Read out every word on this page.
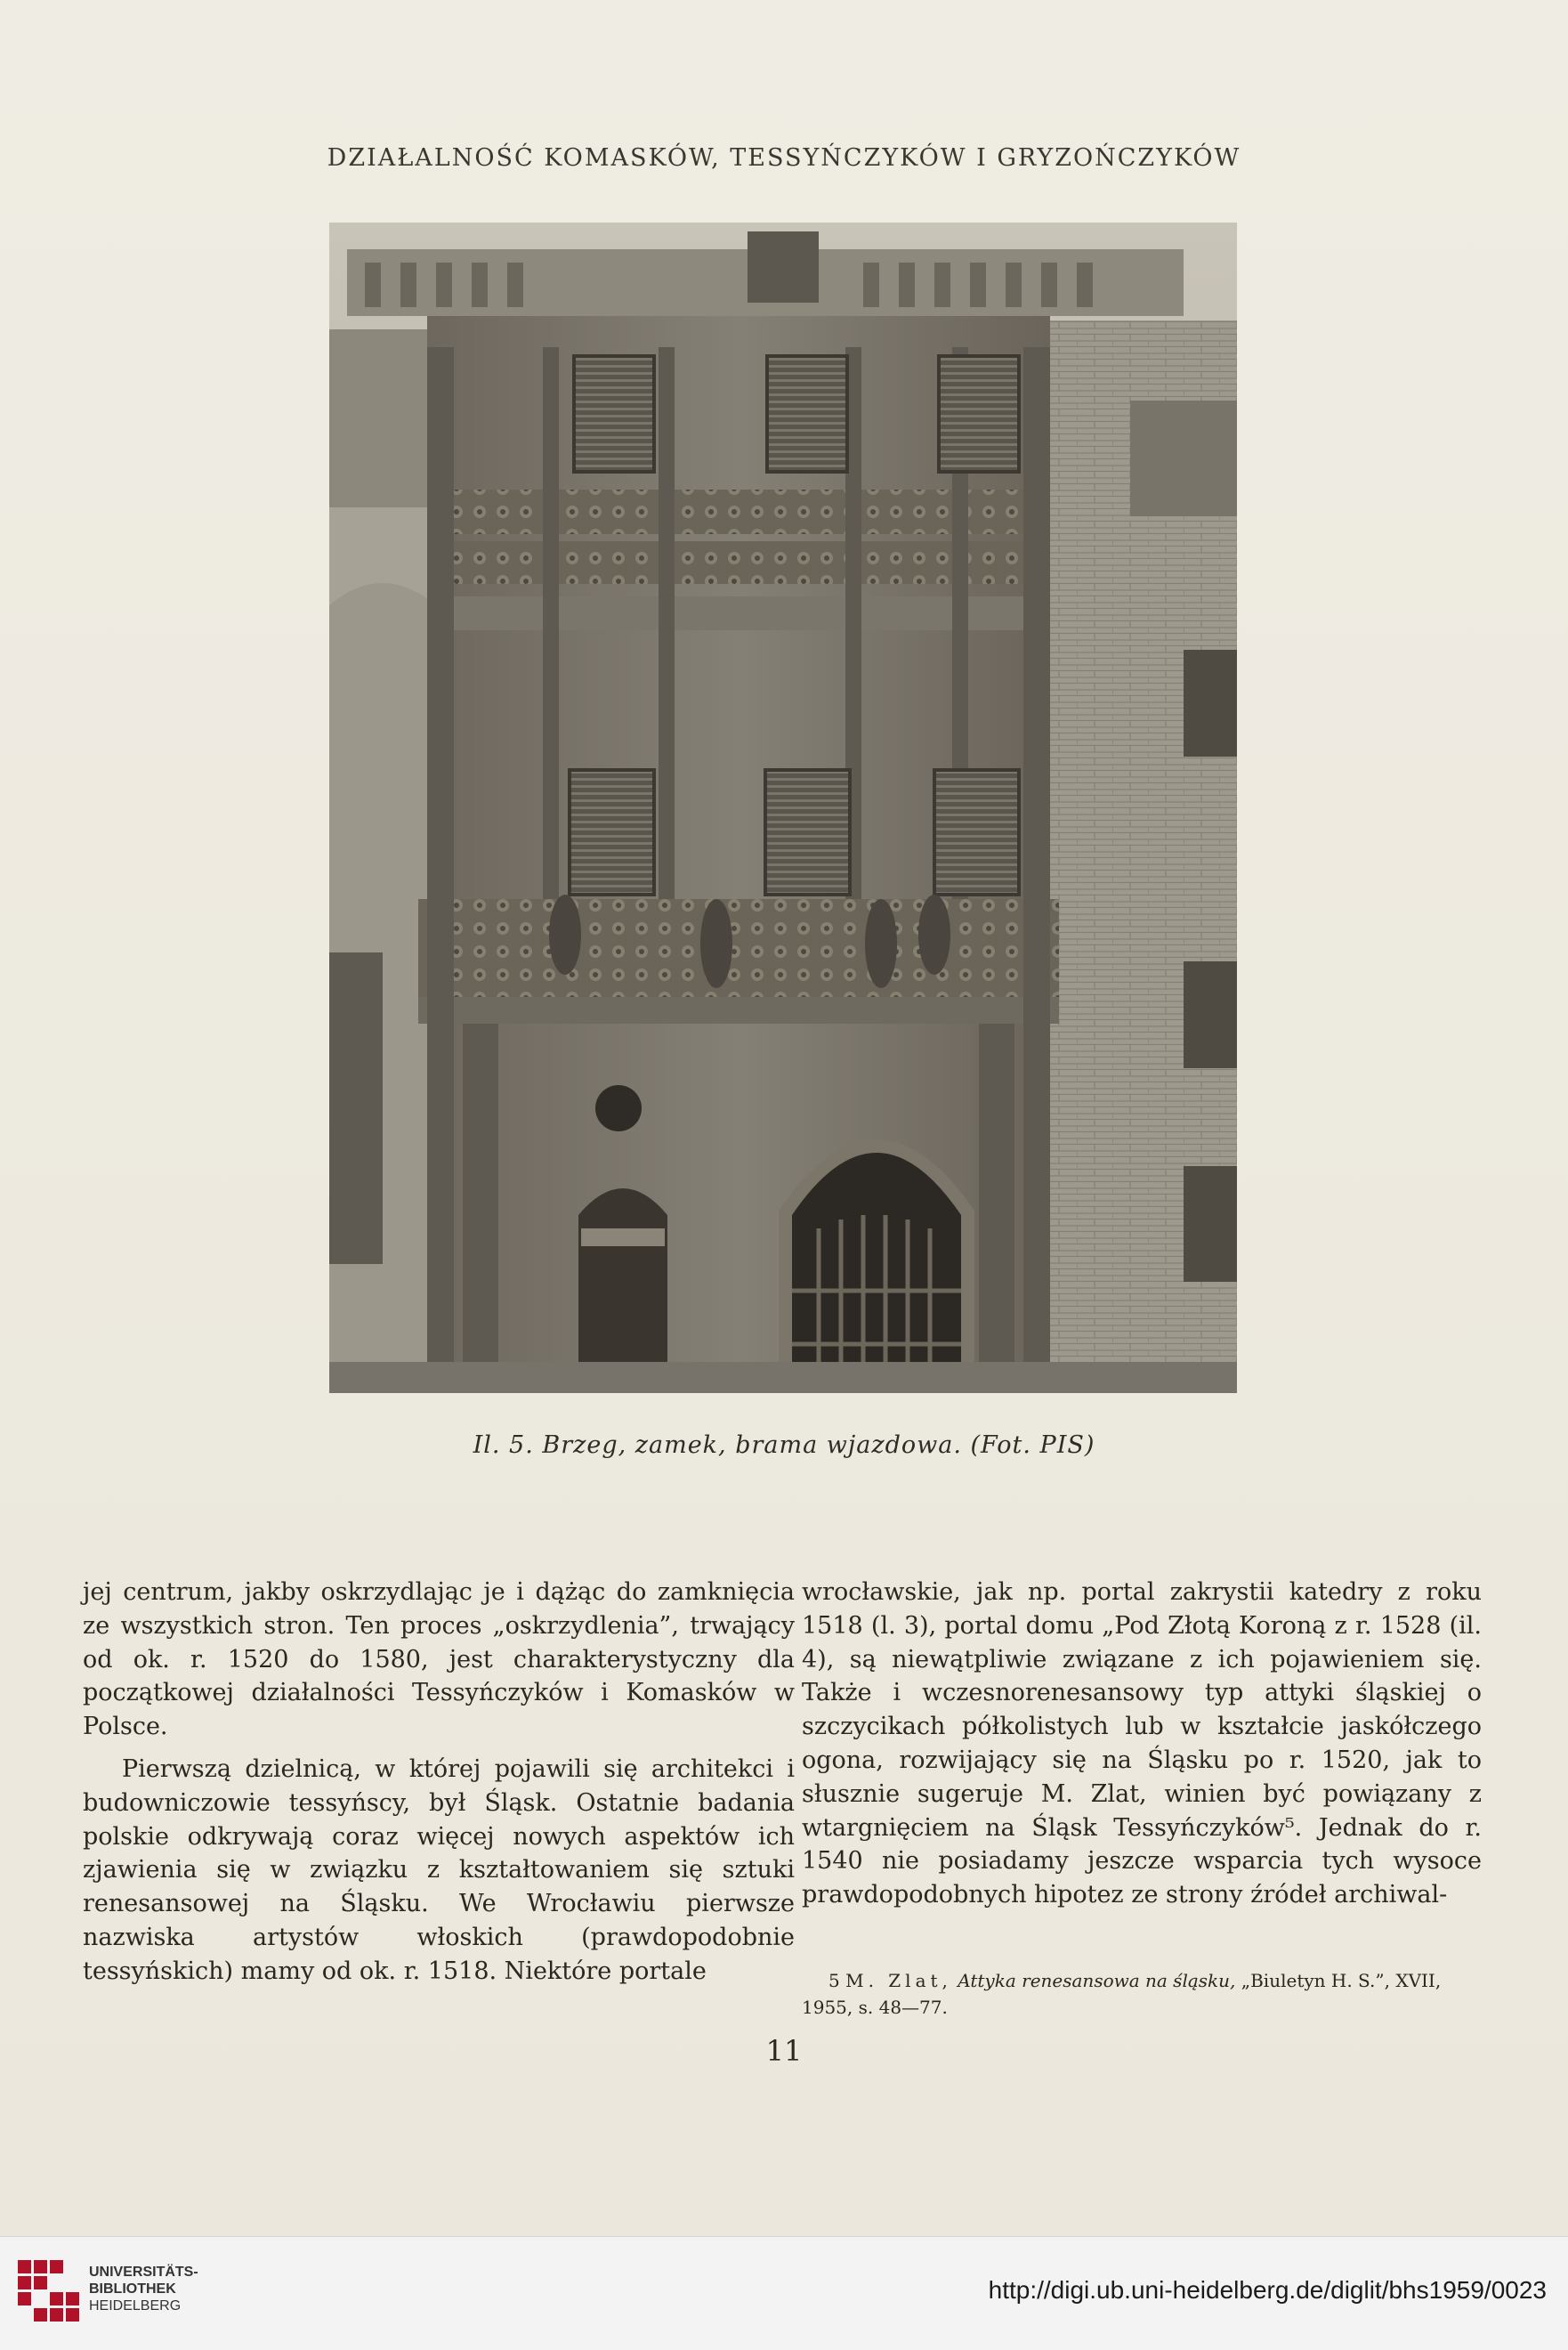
DZIAŁALNOŚĆ KOMASKÓW, TESSYŃCZYKÓW I GRYZOŃCZYKÓW
Il. 5. Brzeg, zamek, brama wjazdowa. (Fot. PIS)

jej centrum, jakby oskrzydlając je i dążąc do zamknięcia ze wszystkich stron. Ten proces „oskrzydlenia”, trwający od ok. r. 1520 do 1580, jest charakterystyczny dla początkowej działalności Tessyńczyków i Komasków w Polsce.

Pierwszą dzielnicą, w której pojawili się architekci i budowniczowie tessyńscy, był Śląsk. Ostatnie badania polskie odkrywają coraz więcej nowych aspektów ich zjawienia się w związku z kształtowaniem się sztuki renesansowej na Śląsku. We Wrocławiu pierwsze nazwiska artystów włoskich (prawdopodobnie tessyńskich) mamy od ok. r. 1518. Niektóre portale

wrocławskie, jak np. portal zakrystii katedry z roku 1518 (l. 3), portal domu „Pod Złotą Koroną z r. 1528 (il. 4), są niewątpliwie związane z ich pojawieniem się. Także i wczesnorenesansowy typ attyki śląskiej o szczycikach półkolistych lub w kształcie jaskółczego ogona, rozwijający się na Śląsku po r. 1520, jak to słusznie sugeruje M. Zlat, winien być powiązany z wtargnięciem na Śląsk Tessyńczyków⁵. Jednak do r. 1540 nie posiadamy jeszcze wsparcia tych wysoce prawdopodobnych hipotez ze strony źródeł archiwal-

5 M. Zlat, Attyka renesansowa na śląsku, „Biuletyn H. S.”, XVII, 1955, s. 48—77.
11
UNIVERSITÄTS-
BIBLIOTHEK
HEIDELBERG
http://digi.ub.uni-heidelberg.de/diglit/bhs1959/0023
